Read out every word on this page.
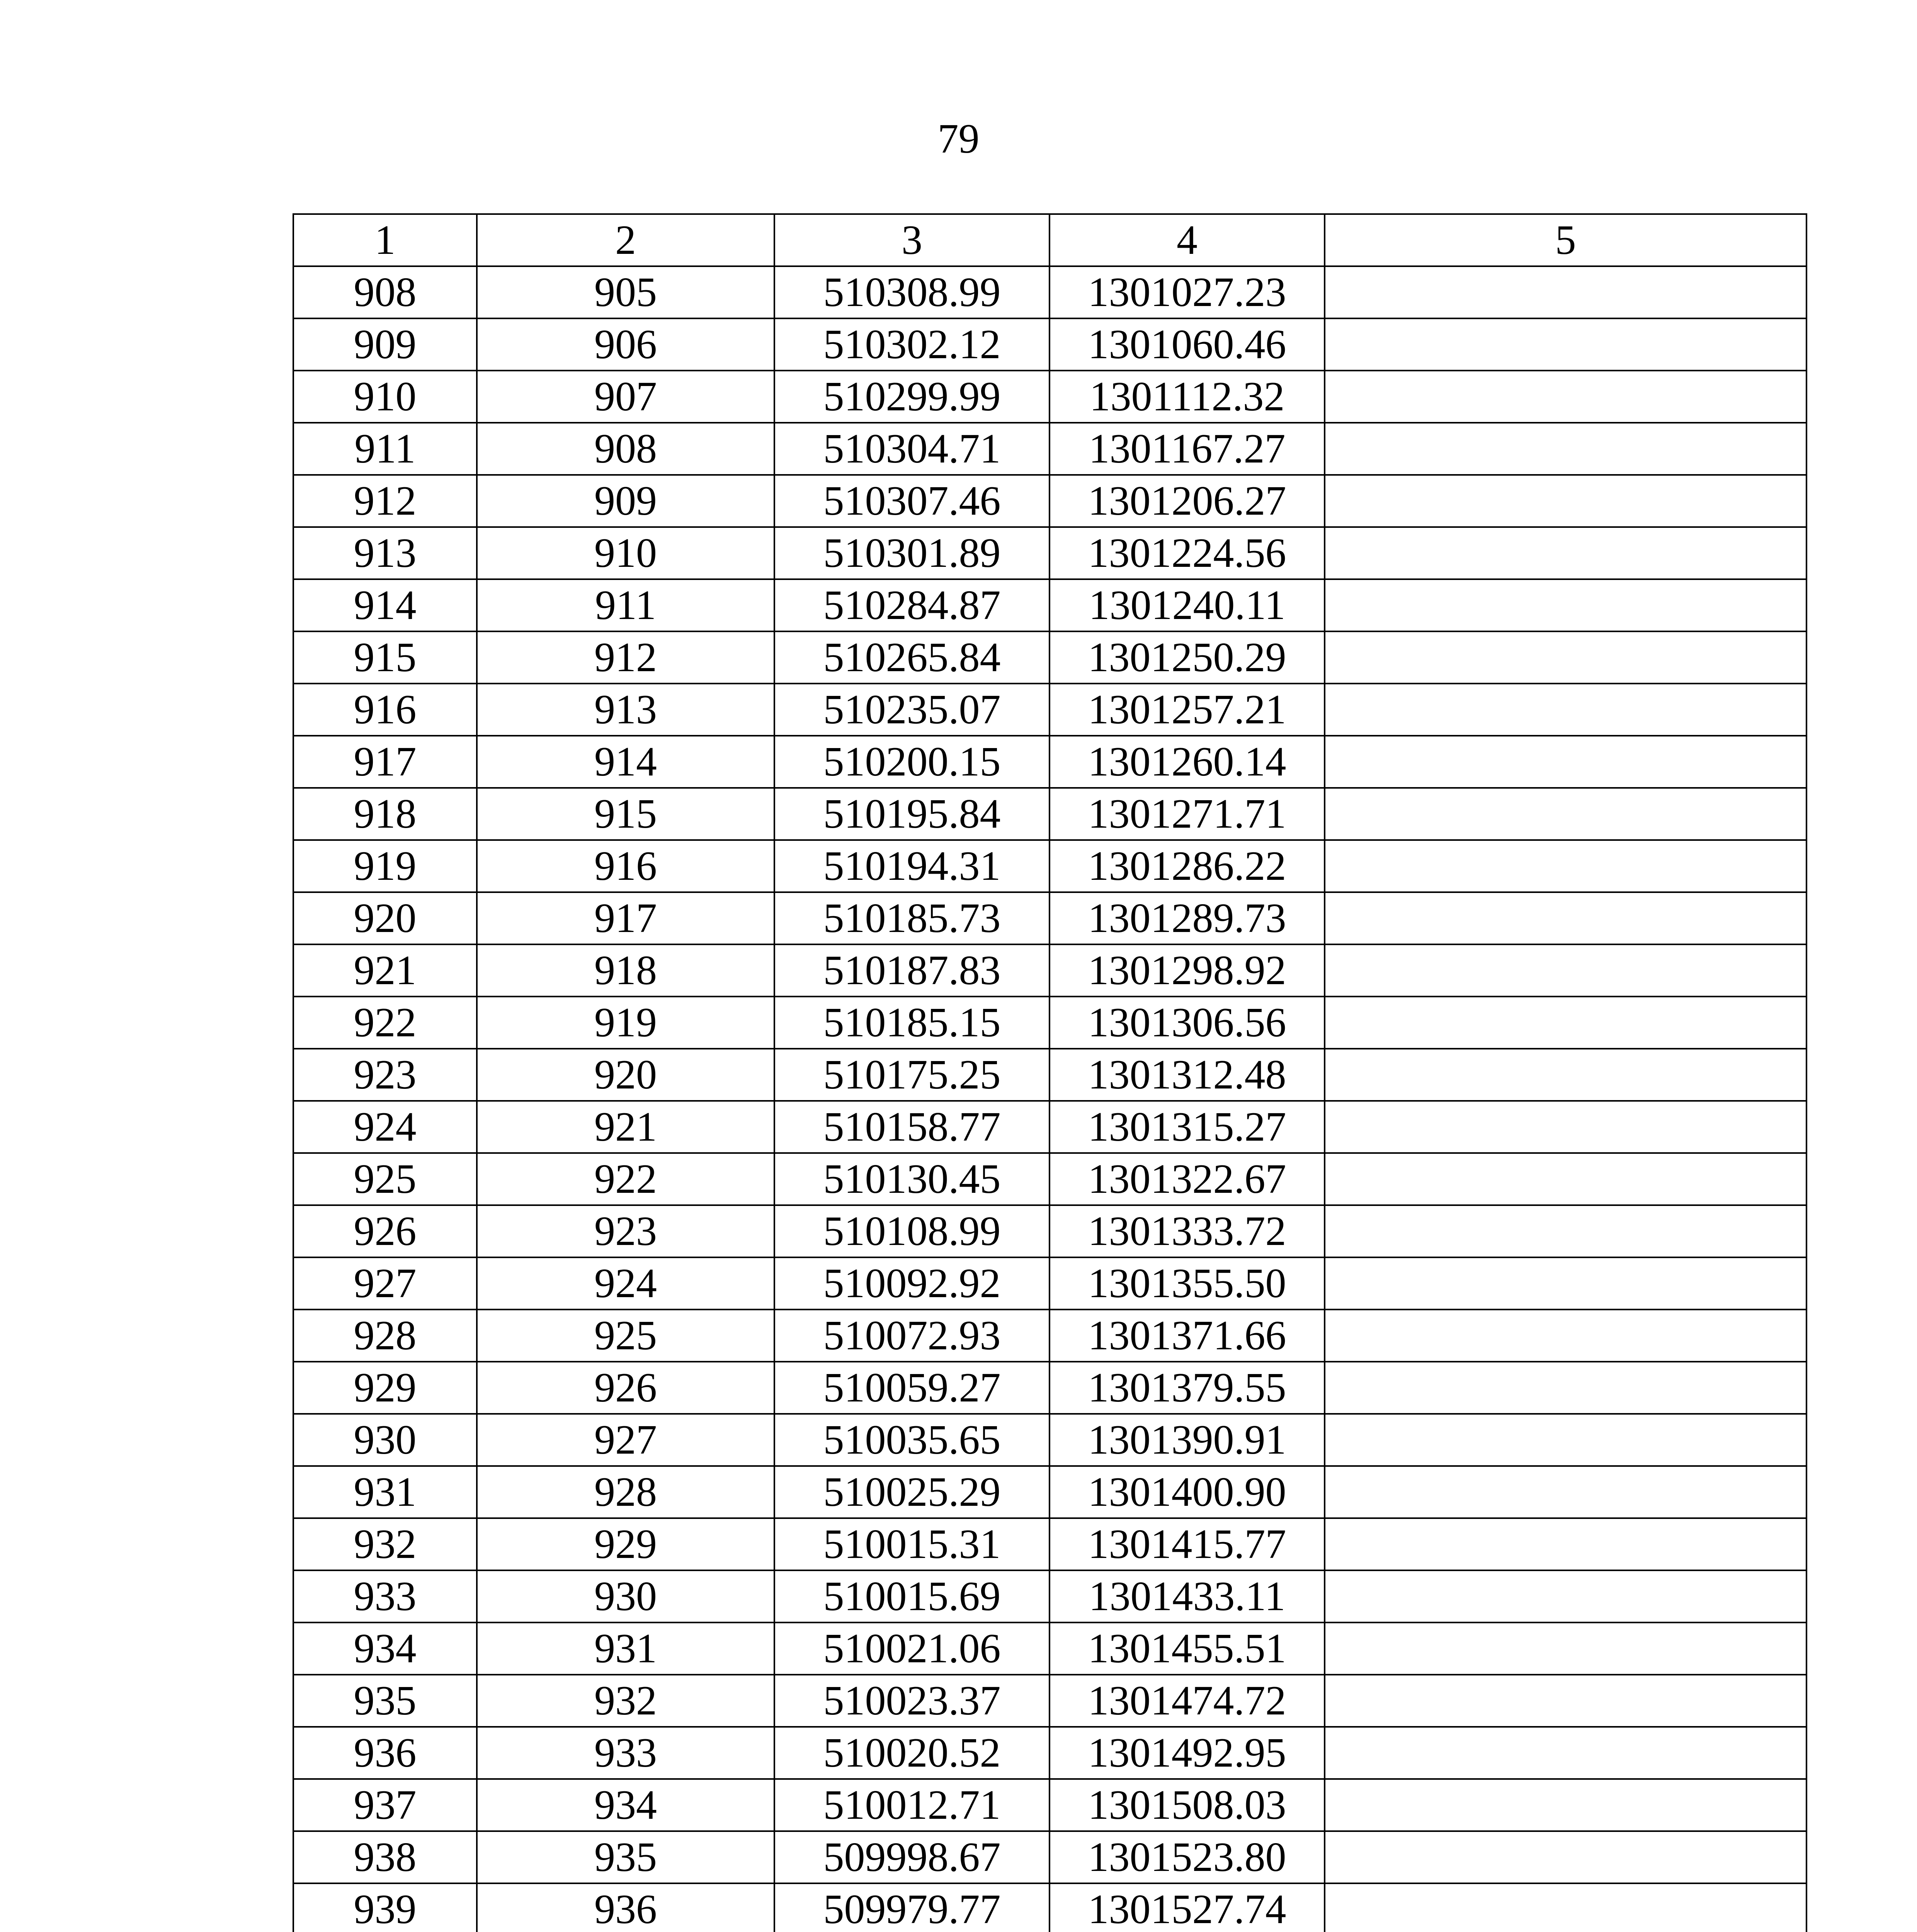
79
1	2	3	4	5
908	905	510308.99	1301027.23	
909	906	510302.12	1301060.46	
910	907	510299.99	1301112.32	
911	908	510304.71	1301167.27	
912	909	510307.46	1301206.27	
913	910	510301.89	1301224.56	
914	911	510284.87	1301240.11	
915	912	510265.84	1301250.29	
916	913	510235.07	1301257.21	
917	914	510200.15	1301260.14	
918	915	510195.84	1301271.71	
919	916	510194.31	1301286.22	
920	917	510185.73	1301289.73	
921	918	510187.83	1301298.92	
922	919	510185.15	1301306.56	
923	920	510175.25	1301312.48	
924	921	510158.77	1301315.27	
925	922	510130.45	1301322.67	
926	923	510108.99	1301333.72	
927	924	510092.92	1301355.50	
928	925	510072.93	1301371.66	
929	926	510059.27	1301379.55	
930	927	510035.65	1301390.91	
931	928	510025.29	1301400.90	
932	929	510015.31	1301415.77	
933	930	510015.69	1301433.11	
934	931	510021.06	1301455.51	
935	932	510023.37	1301474.72	
936	933	510020.52	1301492.95	
937	934	510012.71	1301508.03	
938	935	509998.67	1301523.80	
939	936	509979.77	1301527.74	
